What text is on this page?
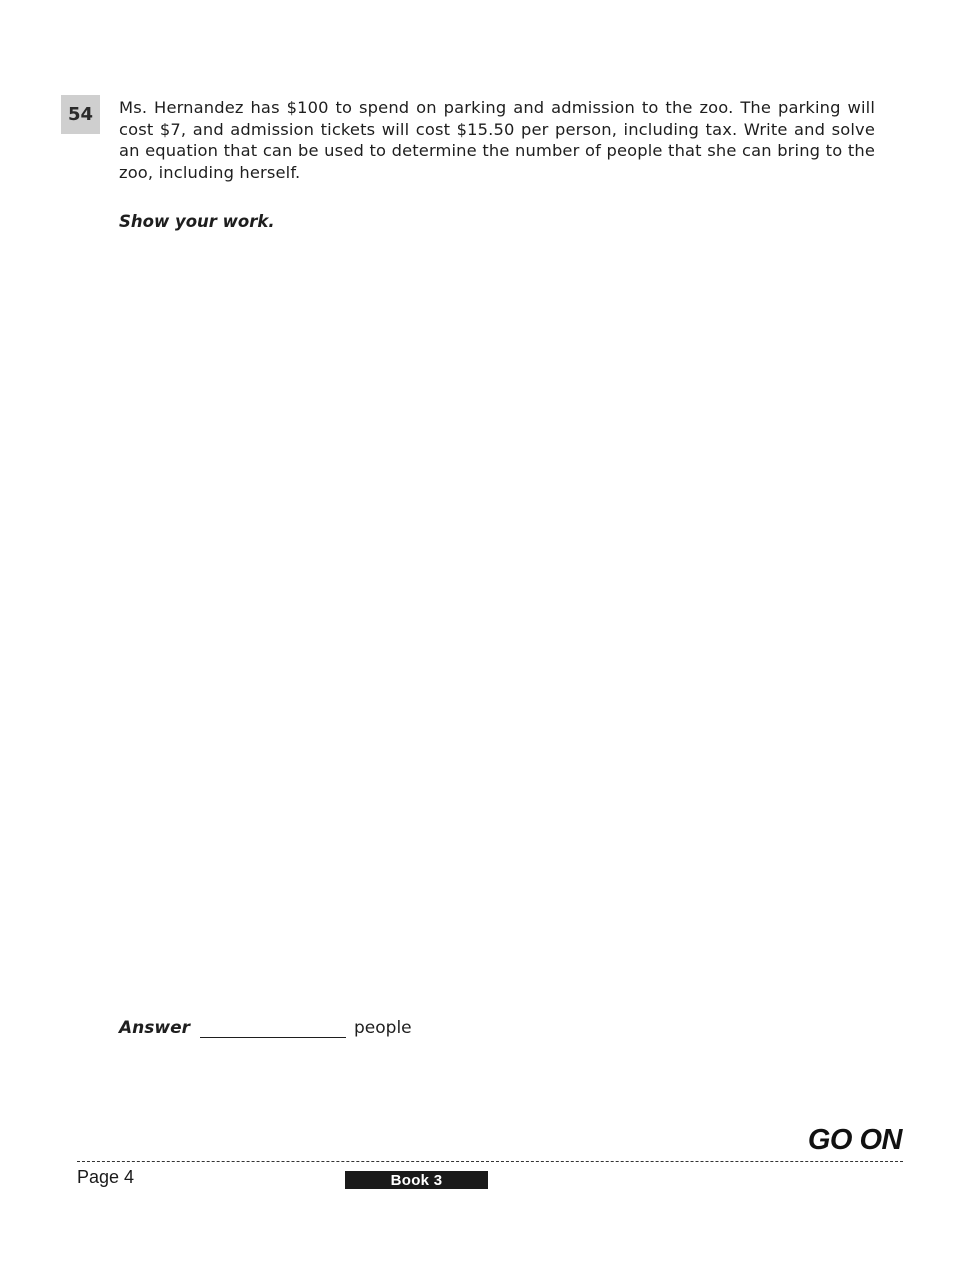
54 Ms. Hernandez has $100 to spend on parking and admission to the zoo. The parking will cost $7, and admission tickets will cost $15.50 per person, including tax. Write and solve an equation that can be used to determine the number of people that she can bring to the zoo, including herself.
Show your work.
Answer	people
GO ON
Page 4	Book 3
